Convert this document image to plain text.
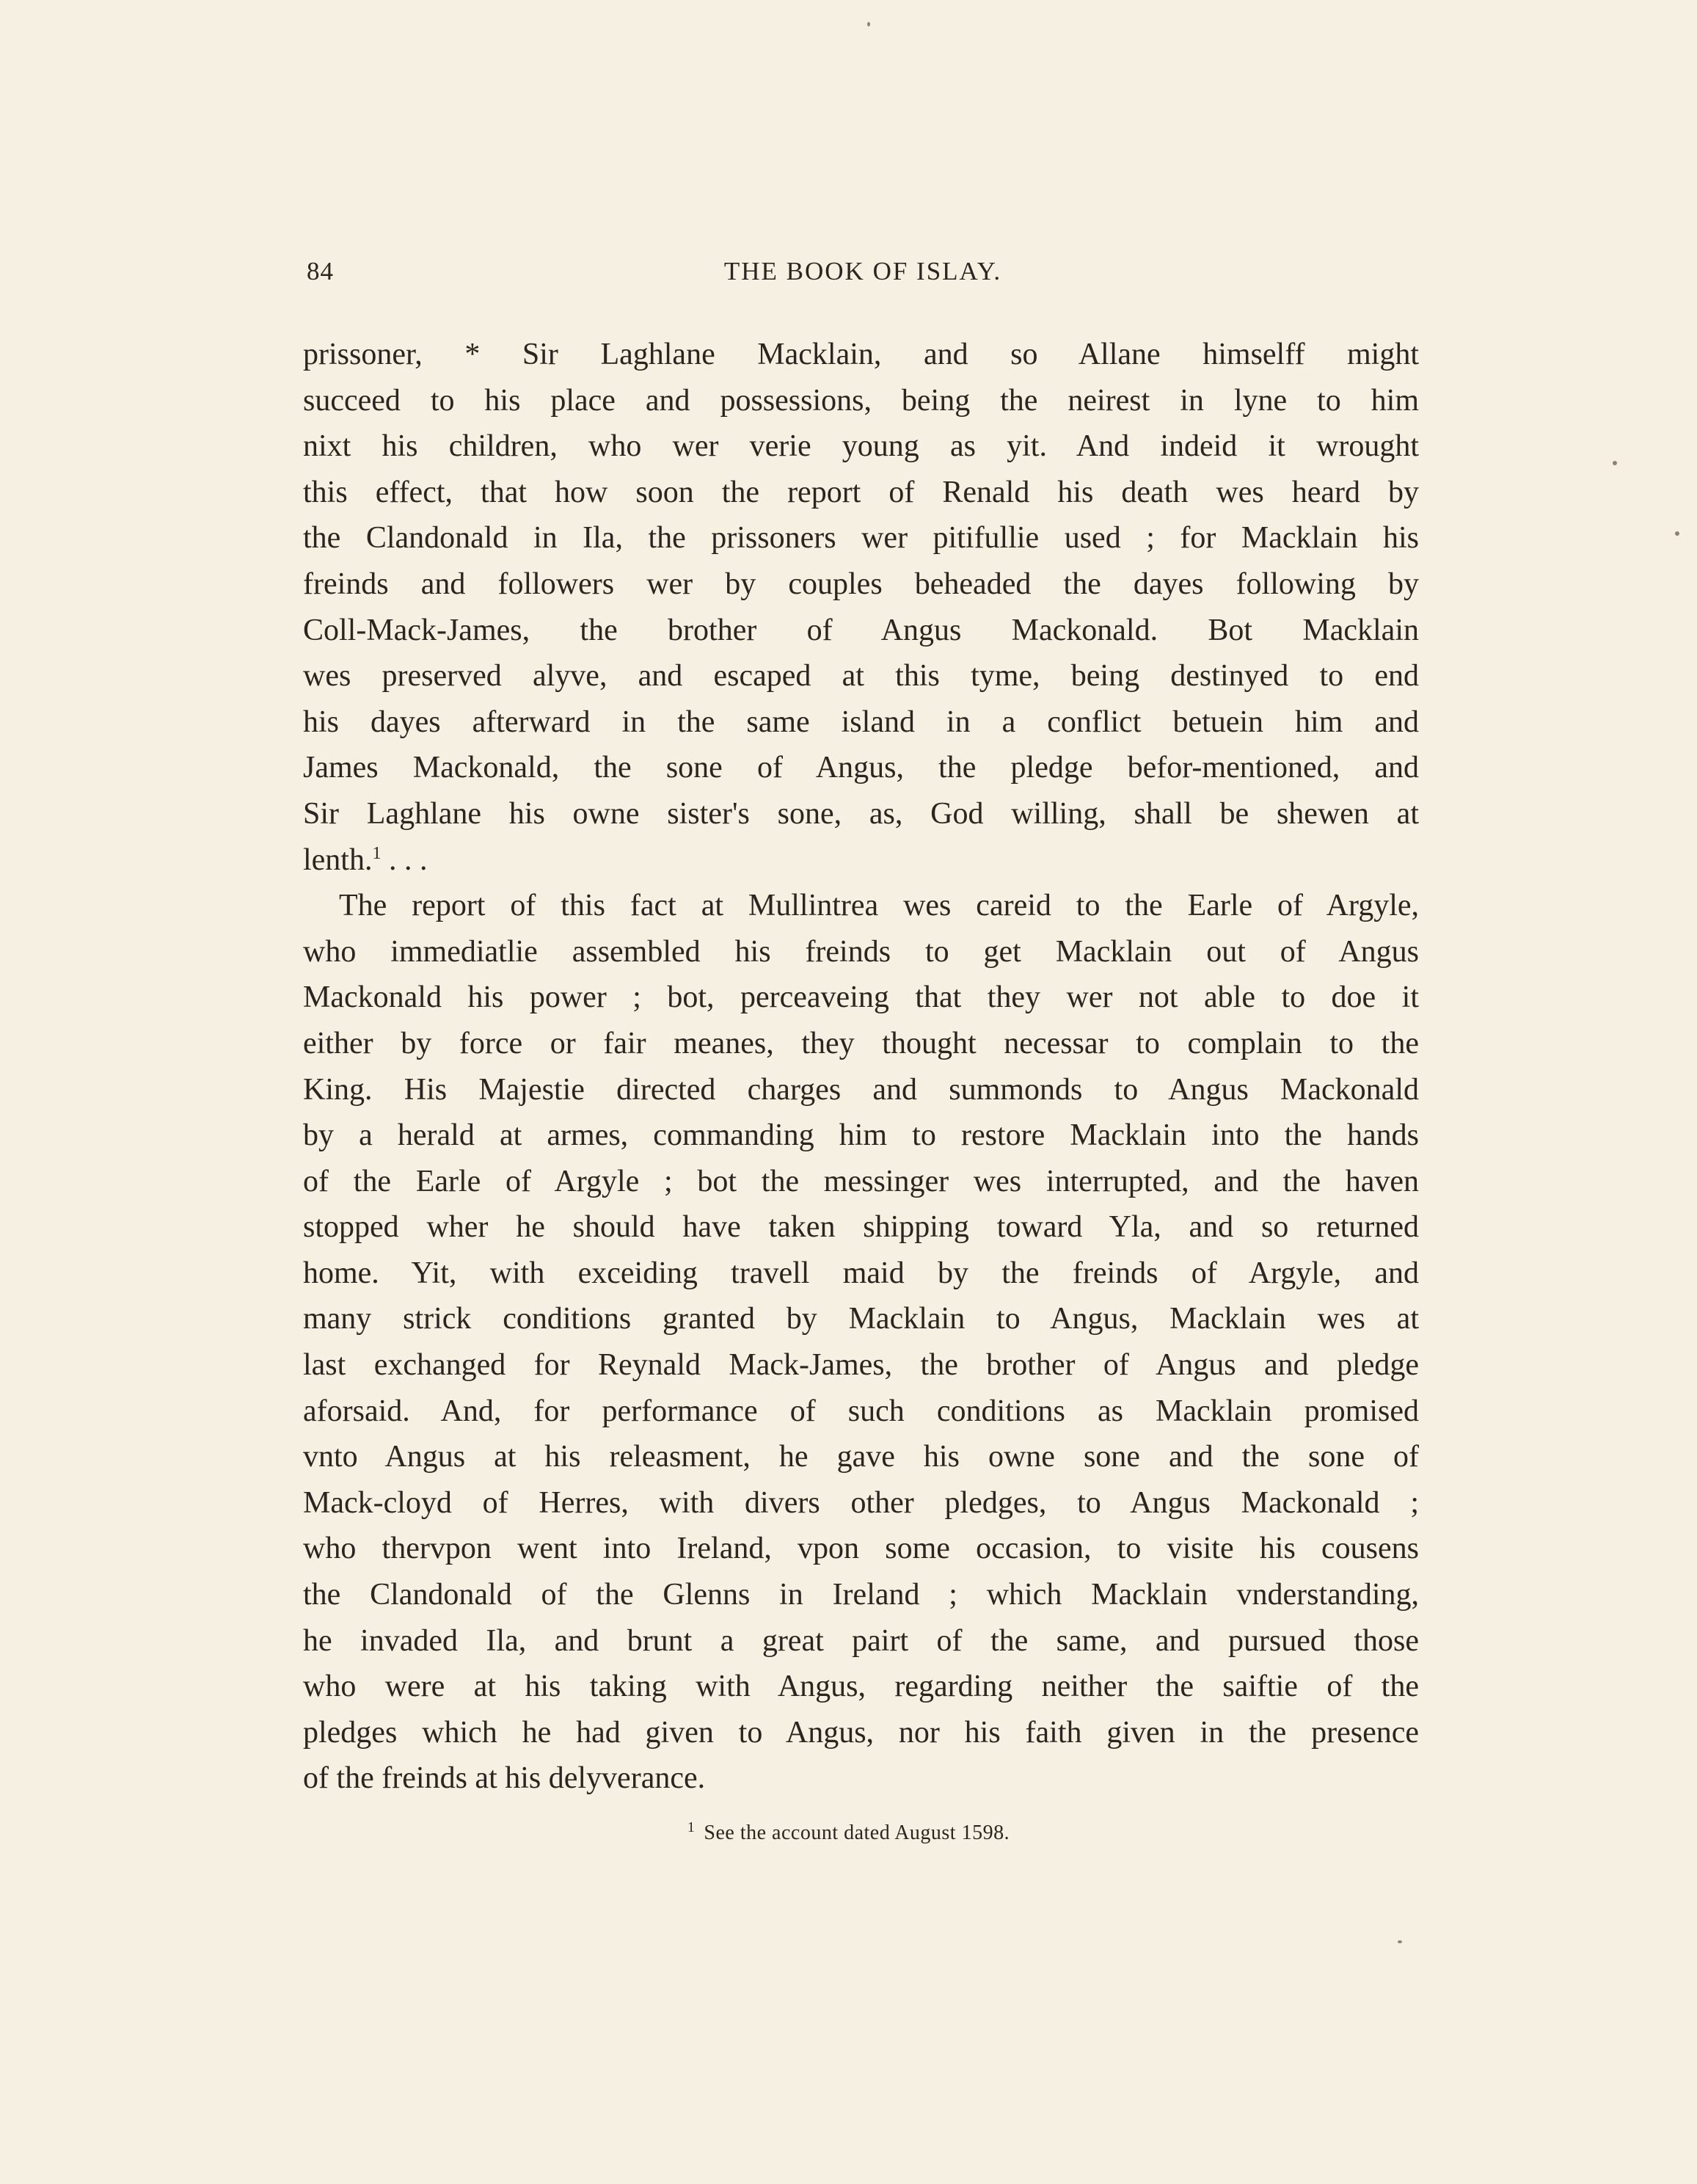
84	THE BOOK OF ISLAY.
prissoner, * Sir Laghlane Macklain, and so Allane himselff might
succeed to his place and possessions, being the neirest in lyne to him
nixt his children, who wer verie young as yit. And indeid it wrought
this effect, that how soon the report of Renald his death wes heard by
the Clandonald in Ila, the prissoners wer pitifullie used ; for Macklain his
freinds and followers wer by couples beheaded the dayes following by
Coll-Mack-James, the brother of Angus Mackonald. Bot Macklain
wes preserved alyve, and escaped at this tyme, being destinyed to end
his dayes afterward in the same island in a conflict betuein him and
James Mackonald, the sone of Angus, the pledge befor-mentioned, and
Sir Laghlane his owne sister's sone, as, God willing, shall be shewen at
lenth.$^1$ . . .
The report of this fact at Mullintrea wes careid to the Earle of Argyle,
who immediatlie assembled his freinds to get Macklain out of Angus
Mackonald his power ; bot, perceaveing that they wer not able to doe it
either by force or fair meanes, they thought necessar to complain to the
King. His Majestie directed charges and summonds to Angus Mackonald
by a herald at armes, commanding him to restore Macklain into the hands
of the Earle of Argyle ; bot the messinger wes interrupted, and the haven
stopped wher he should have taken shipping toward Yla, and so returned
home. Yit, with exceiding travell maid by the freinds of Argyle, and
many strick conditions granted by Macklain to Angus, Macklain wes at
last exchanged for Reynald Mack-James, the brother of Angus and pledge
aforsaid. And, for performance of such conditions as Macklain promised
vnto Angus at his releasment, he gave his owne sone and the sone of
Mack-cloyd of Herres, with divers other pledges, to Angus Mackonald ;
who thervpon went into Ireland, vpon some occasion, to visite his cousens
the Clandonald of the Glenns in Ireland ; which Macklain vnderstanding,
he invaded Ila, and brunt a great pairt of the same, and pursued those
who were at his taking with Angus, regarding neither the saiftie of the
pledges which he had given to Angus, nor his faith given in the presence
of the freinds at his delyverance.
$^1$ See the account dated August 1598.
